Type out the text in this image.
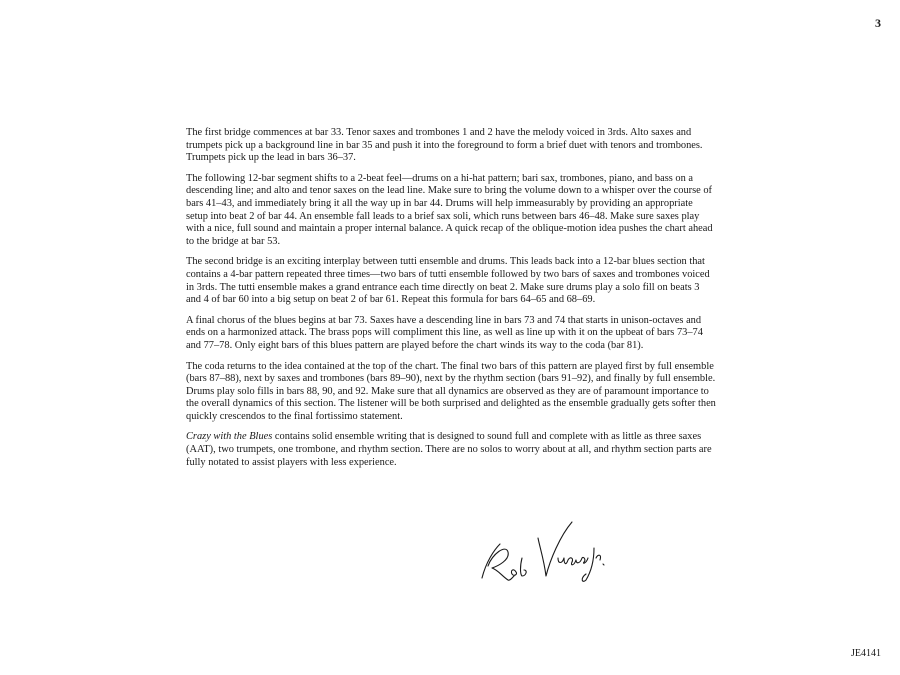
3

The first bridge commences at bar 33. Tenor saxes and trombones 1 and 2 have the melody voiced in 3rds. Alto saxes and trumpets pick up a background line in bar 35 and push it into the foreground to form a brief duet with tenors and trombones. Trumpets pick up the lead in bars 36–37.

The following 12-bar segment shifts to a 2-beat feel—drums on a hi-hat pattern; bari sax, trombones, piano, and bass on a descending line; and alto and tenor saxes on the lead line. Make sure to bring the volume down to a whisper over the course of bars 41–43, and immediately bring it all the way up in bar 44. Drums will help immeasurably by providing an appropriate setup into beat 2 of bar 44. An ensemble fall leads to a brief sax soli, which runs between bars 46–48. Make sure saxes play with a nice, full sound and maintain a proper internal balance. A quick recap of the oblique-motion idea pushes the chart ahead to the bridge at bar 53.

The second bridge is an exciting interplay between tutti ensemble and drums. This leads back into a 12-bar blues section that contains a 4-bar pattern repeated three times—two bars of tutti ensemble followed by two bars of saxes and trombones voiced in 3rds. The tutti ensemble makes a grand entrance each time directly on beat 2. Make sure drums play a solo fill on beats 3 and 4 of bar 60 into a big setup on beat 2 of bar 61. Repeat this formula for bars 64–65 and 68–69.

A final chorus of the blues begins at bar 73. Saxes have a descending line in bars 73 and 74 that starts in unison-octaves and ends on a harmonized attack. The brass pops will compliment this line, as well as line up with it on the upbeat of bars 73–74 and 77–78. Only eight bars of this blues pattern are played before the chart winds its way to the coda (bar 81).

The coda returns to the idea contained at the top of the chart. The final two bars of this pattern are played first by full ensemble (bars 87–88), next by saxes and trombones (bars 89–90), next by the rhythm section (bars 91–92), and finally by full ensemble. Drums play solo fills in bars 88, 90, and 92. Make sure that all dynamics are observed as they are of paramount importance to the overall dynamics of this section. The listener will be both surprised and delighted as the ensemble gradually gets softer then quickly crescendos to the final fortissimo statement.

Crazy with the Blues contains solid ensemble writing that is designed to sound full and complete with as little as three saxes (AAT), two trumpets, one trombone, and rhythm section. There are no solos to worry about at all, and rhythm section parts are fully notated to assist players with less experience.

JE4141
